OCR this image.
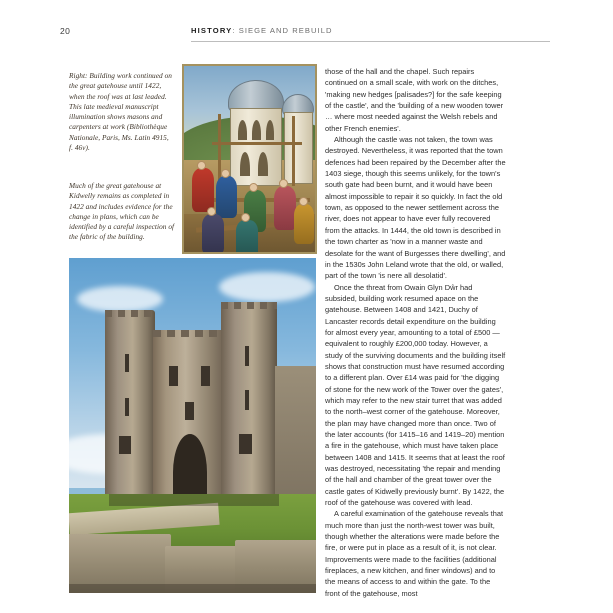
20	HISTORY: SIEGE AND REBUILD
Right: Building work continued on the great gatehouse until 1422, when the roof was at last leaded. This late medieval manuscript illumination shows masons and carpenters at work (Bibliothèque Nationale, Paris, Ms. Latin 4915, f. 46v).
Much of the great gatehouse at Kidwelly remains as completed in 1422 and includes evidence for the change in plans, which can be identified by a careful inspection of the fabric of the building.

those of the hall and the chapel. Such repairs continued on a small scale, with work on the ditches, 'making new hedges [palisades?] for the safe keeping of the castle', and the 'building of a new wooden tower … where most needed against the Welsh rebels and other French enemies'.

Although the castle was not taken, the town was destroyed. Nevertheless, it was reported that the town defences had been repaired by the December after the 1403 siege, though this seems unlikely, for the town's south gate had been burnt, and it would have been almost impossible to repair it so quickly. In fact the old town, as opposed to the newer settlement across the river, does not appear to have ever fully recovered from the attacks. In 1444, the old town is described in the town charter as 'now in a manner waste and desolate for the want of Burgesses there dwelling', and in the 1530s John Leland wrote that the old, or walled, part of the town 'is nere all desolatid'.

Once the threat from Owain Glyn Dŵr had subsided, building work resumed apace on the gatehouse. Between 1408 and 1421, Duchy of Lancaster records detail expenditure on the building for almost every year, amounting to a total of £500 — equivalent to roughly £200,000 today. However, a study of the surviving documents and the building itself shows that construction must have resumed according to a different plan. Over £14 was paid for 'the digging of stone for the new work of the Tower over the gates', which may refer to the new stair turret that was added to the north–west corner of the gatehouse. Moreover, the plan may have changed more than once. Two of the later accounts (for 1415–16 and 1419–20) mention a fire in the gatehouse, which must have taken place between 1408 and 1415. It seems that at least the roof was destroyed, necessitating 'the repair and mending of the hall and chamber of the great tower over the castle gates of Kidwelly previously burnt'. By 1422, the roof of the gatehouse was covered with lead.

A careful examination of the gatehouse reveals that much more than just the north-west tower was built, though whether the alterations were made before the fire, or were put in place as a result of it, is not clear. Improvements were made to the facilities (additional fireplaces, a new kitchen, and finer windows) and to the means of access to and within the gate. To the front of the gatehouse, most
